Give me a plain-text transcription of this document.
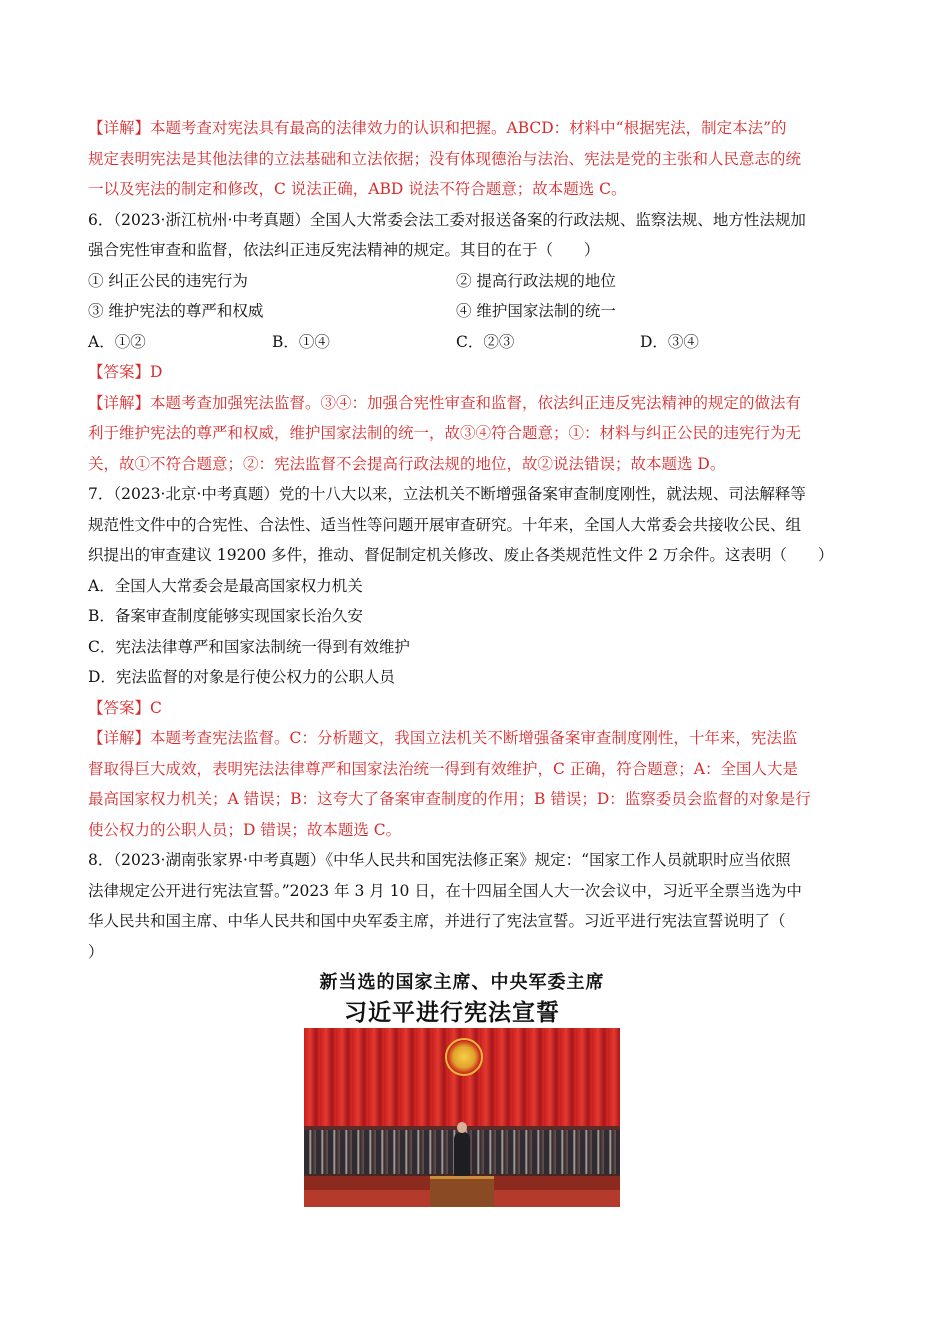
【详解】本题考查对宪法具有最高的法律效力的认识和把握。ABCD：材料中“根据宪法，制定本法”的
规定表明宪法是其他法律的立法基础和立法依据；没有体现德治与法治、宪法是党的主张和人民意志的统
一以及宪法的制定和修改，C 说法正确，ABD 说法不符合题意；故本题选 C。
6．（2023·浙江杭州·中考真题）全国人大常委会法工委对报送备案的行政法规、监察法规、地方性法规加
强合宪性审查和监督，依法纠正违反宪法精神的规定。其目的在于（　　）
① 纠正公民的违宪行为	② 提高行政法规的地位
③ 维护宪法的尊严和权威	④ 维护国家法制的统一
A．①②	B．①④	C．②③	D．③④
【答案】D
【详解】本题考查加强宪法监督。③④：加强合宪性审查和监督，依法纠正违反宪法精神的规定的做法有
利于维护宪法的尊严和权威，维护国家法制的统一，故③④符合题意；①：材料与纠正公民的违宪行为无
关，故①不符合题意；②：宪法监督不会提高行政法规的地位，故②说法错误；故本题选 D。
7．（2023·北京·中考真题）党的十八大以来，立法机关不断增强备案审查制度刚性，就法规、司法解释等
规范性文件中的合宪性、合法性、适当性等问题开展审查研究。十年来，全国人大常委会共接收公民、组
织提出的审查建议 19200 多件，推动、督促制定机关修改、废止各类规范性文件 2 万余件。这表明（　　）
A．全国人大常委会是最高国家权力机关
B．备案审查制度能够实现国家长治久安
C．宪法法律尊严和国家法制统一得到有效维护
D．宪法监督的对象是行使公权力的公职人员
【答案】C
【详解】本题考查宪法监督。C：分析题文，我国立法机关不断增强备案审查制度刚性，十年来，宪法监
督取得巨大成效，表明宪法法律尊严和国家法治统一得到有效维护，C 正确，符合题意；A：全国人大是
最高国家权力机关；A 错误；B：这夸大了备案审查制度的作用；B 错误；D：监察委员会监督的对象是行
使公权力的公职人员；D 错误；故本题选 C。
8．（2023·湖南张家界·中考真题）《中华人民共和国宪法修正案》规定：“国家工作人员就职时应当依照
法律规定公开进行宪法宣誓。”2023 年 3 月 10 日，在十四届全国人大一次会议中，习近平全票当选为中
华人民共和国主席、中华人民共和国中央军委主席，并进行了宪法宣誓。习近平进行宪法宣誓说明了（
）
新当选的国家主席、中央军委主席
习近平进行宪法宣誓
